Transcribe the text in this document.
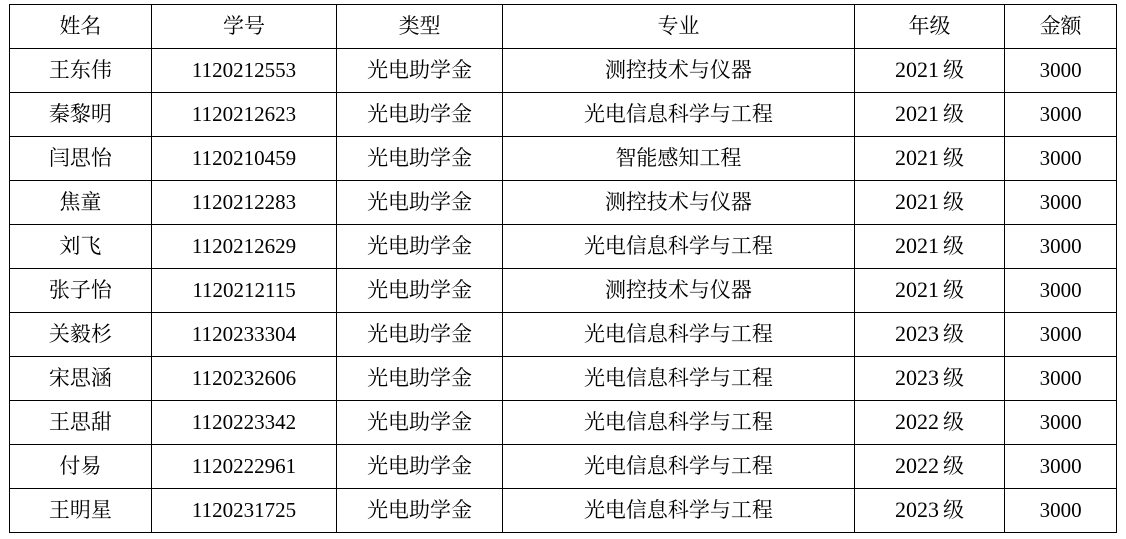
姓名	学号	类型	专业	年级	金额
王东伟	1120212553	光电助学金	测控技术与仪器	2021 级	3000
秦黎明	1120212623	光电助学金	光电信息科学与工程	2021 级	3000
闫思怡	1120210459	光电助学金	智能感知工程	2021 级	3000
焦童	1120212283	光电助学金	测控技术与仪器	2021 级	3000
刘飞	1120212629	光电助学金	光电信息科学与工程	2021 级	3000
张子怡	1120212115	光电助学金	测控技术与仪器	2021 级	3000
关毅杉	1120233304	光电助学金	光电信息科学与工程	2023 级	3000
宋思涵	1120232606	光电助学金	光电信息科学与工程	2023 级	3000
王思甜	1120223342	光电助学金	光电信息科学与工程	2022 级	3000
付易	1120222961	光电助学金	光电信息科学与工程	2022 级	3000
王明星	1120231725	光电助学金	光电信息科学与工程	2023 级	3000
